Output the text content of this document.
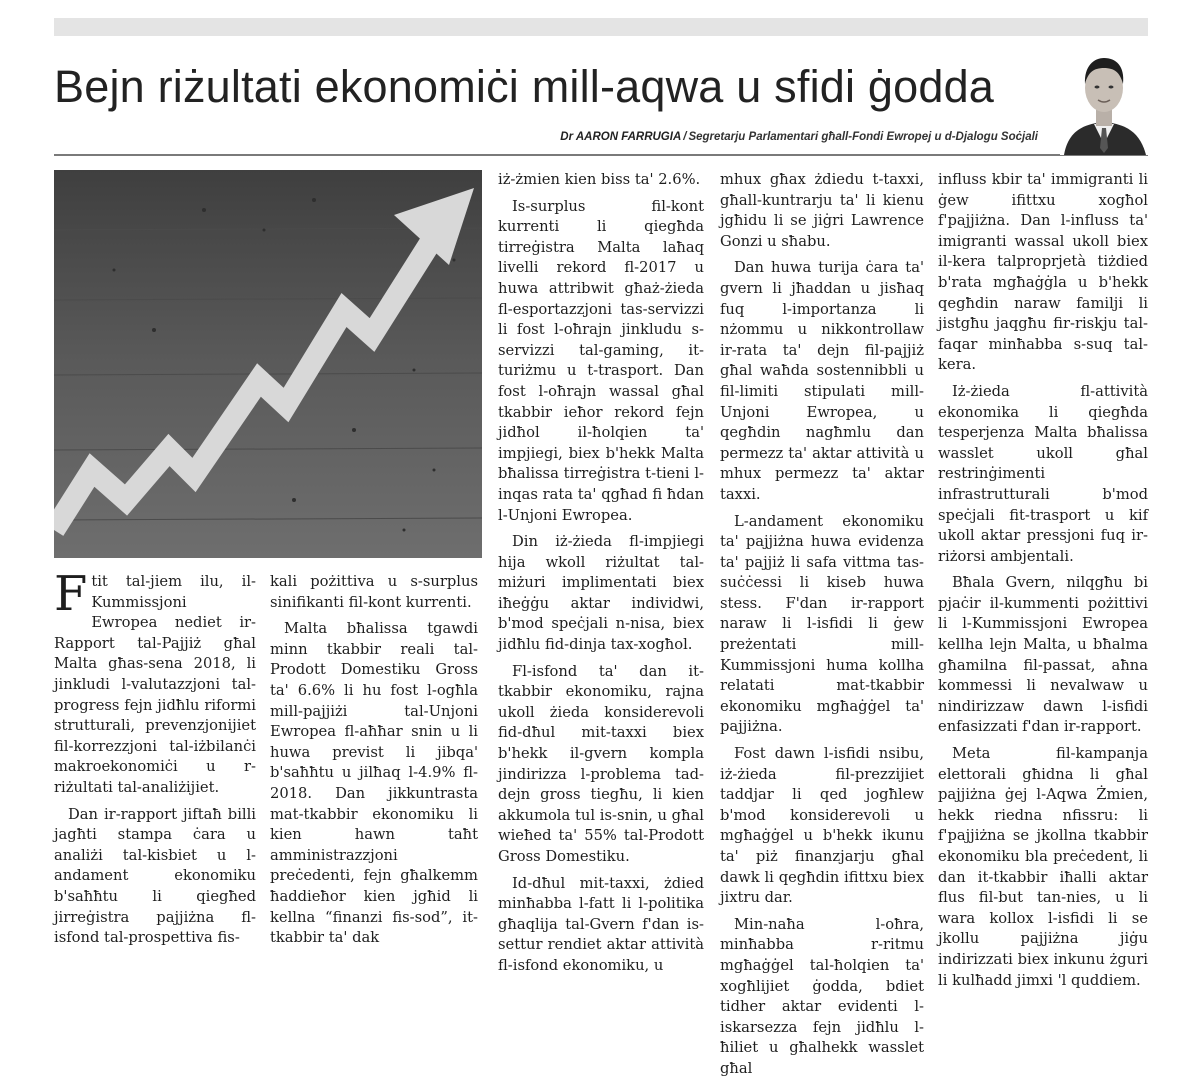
Bejn riżultati ekonomiċi mill-aqwa u sfidi ġodda
Dr AARON FARRUGIA / Segretarju Parlamentari għall-Fondi Ewropej u d-Djalogu Soċjali

Ftit tal-jiem ilu, il-Kummissjoni Ewropea nediet ir-Rapport tal-Pajjiż għal Malta għas-sena 2018, li jinkludi l-valutazzjoni tal-progress fejn jidħlu riformi strutturali, prevenzjonijiet fil-korrezzjoni tal-iżbilanċi makroekonomiċi u r-riżultati tal-analiżijiet.

Dan ir-rapport jiftaħ billi jagħti stampa ċara u analiżi tal-kisbiet u l-andament ekonomiku b'saħħtu li qiegħed jirreġistra pajjiżna fl-isfond tal-prospettiva fis-

kali pożittiva u s-surplus sinifikanti fil-kont kurrenti.

Malta bħalissa tgawdi minn tkabbir reali tal-Prodott Domestiku Gross ta' 6.6% li hu fost l-ogħla mill-pajjiżi tal-Unjoni Ewropea fl-aħħar snin u li huwa previst li jibqa' b'saħħtu u jilħaq l-4.9% fl-2018. Dan jikkuntrasta mat-tkabbir ekonomiku li kien hawn taħt amministrazzjoni preċedenti, fejn għalkemm ħaddieħor kien jgħid li kellna “finanzi fis-sod”, it-tkabbir ta' dak

iż-żmien kien biss ta' 2.6%.

Is-surplus fil-kont kurrenti li qiegħda tirreġistra Malta laħaq livelli rekord fl-2017 u huwa attribwit għaż-żieda fl-esportazzjoni tas-servizzi li fost l-oħrajn jinkludu s-servizzi tal-gaming, it-turiżmu u t-trasport. Dan fost l-oħrajn wassal għal tkabbir ieħor rekord fejn jidħol il-ħolqien ta' impjiegi, biex b'hekk Malta bħalissa tirreġistra t-tieni l-inqas rata ta' qgħad fi ħdan l-Unjoni Ewropea.

Din iż-żieda fl-impjiegi hija wkoll riżultat tal-miżuri implimentati biex iħeġġu aktar individwi, b'mod speċjali n-nisa, biex jidħlu fid-dinja tax-xogħol.

Fl-isfond ta' dan it-tkabbir ekonomiku, rajna ukoll żieda konsiderevoli fid-dħul mit-taxxi biex b'hekk il-gvern kompla jindirizza l-problema tad-dejn gross tiegħu, li kien akkumola tul is-snin, u għal wieħed ta' 55% tal-Prodott Gross Domestiku.

Id-dħul mit-taxxi, żdied minħabba l-fatt li l-politika għaqlija tal-Gvern f'dan is-settur rendiet aktar attività fl-isfond ekonomiku, u

mhux għax żdiedu t-taxxi, għall-kuntrarju ta' li kienu jgħidu li se jiġri Lawrence Gonzi u sħabu.

Dan huwa turija ċara ta' gvern li jħaddan u jisħaq fuq l-importanza li nżommu u nikkontrollaw ir-rata ta' dejn fil-pajjiż għal waħda sostennibbli u fil-limiti stipulati mill-Unjoni Ewropea, u qegħdin nagħmlu dan permezz ta' aktar attività u mhux permezz ta' aktar taxxi.

L-andament ekonomiku ta' pajjiżna huwa evidenza ta' pajjiż li safa vittma tas-suċċessi li kiseb huwa stess. F'dan ir-rapport naraw li l-isfidi li ġew preżentati mill-Kummissjoni huma kollha relatati mat-tkabbir ekonomiku mgħaġġel ta' pajjiżna.

Fost dawn l-isfidi nsibu, iż-żieda fil-prezzijiet taddjar li qed jogħlew b'mod konsiderevoli u mgħaġġel u b'hekk ikunu ta' piż finanzjarju għal dawk li qegħdin ifittxu biex jixtru dar.

Min-naħa l-oħra, minħabba r-ritmu mgħaġġel tal-ħolqien ta' xogħlijiet ġodda, bdiet tidher aktar evidenti l-iskarsezza fejn jidħlu l-ħiliet u għalhekk wasslet għal

influss kbir ta' immigranti li ġew ifittxu xogħol f'pajjiżna. Dan l-influss ta' imigranti wassal ukoll biex il-kera talproprjetà tiżdied b'rata mgħaġġla u b'hekk qegħdin naraw familji li jistgħu jaqgħu fir-riskju tal-faqar minħabba s-suq tal-kera.

Iż-żieda fl-attività ekonomika li qiegħda tesperjenza Malta bħalissa wasslet ukoll għal restrinġimenti infrastrutturali b'mod speċjali fit-trasport u kif ukoll aktar pressjoni fuq ir-riżorsi ambjentali.

Bħala Gvern, nilqgħu bi pjaċir il-kummenti pożittivi li l-Kummissjoni Ewropea kellha lejn Malta, u bħalma għamilna fil-passat, aħna kommessi li nevalwaw u nindirizzaw dawn l-isfidi enfasizzati f'dan ir-rapport.

Meta fil-kampanja elettorali għidna li għal pajjiżna ġej l-Aqwa Żmien, hekk riedna nfissru: li f'pajjiżna se jkollna tkabbir ekonomiku bla preċedent, li dan it-tkabbir iħalli aktar flus fil-but tan-nies, u li wara kollox l-isfidi li se jkollu pajjiżna jiġu indirizzati biex inkunu żguri li kulħadd jimxi 'l quddiem.
